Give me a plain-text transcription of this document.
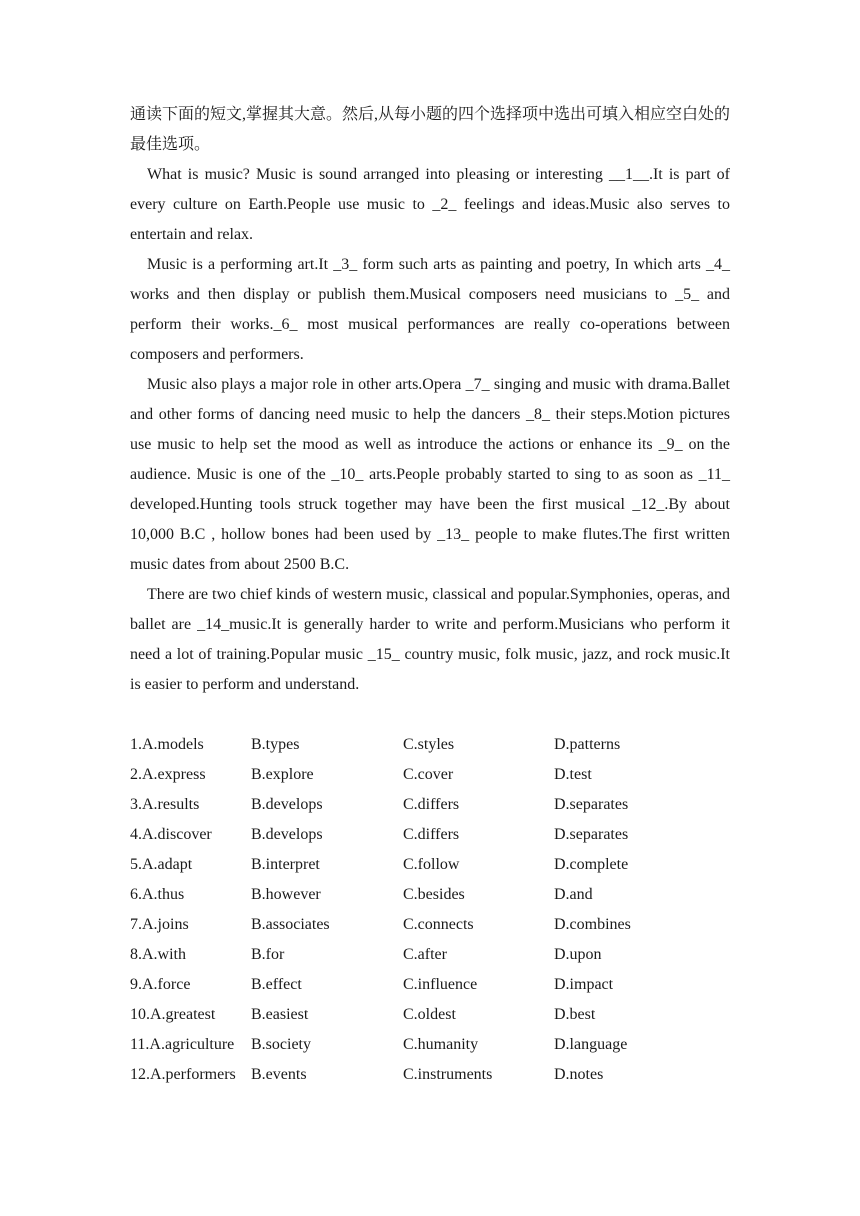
通读下面的短文,掌握其大意。然后,从每小题的四个选择项中选出可填入相应空白处的最佳选项。

What is music? Music is sound arranged into pleasing or interesting __1__.It is part of every culture on Earth.People use music to _2_ feelings and ideas.Music also serves to entertain and relax.

Music is a performing art.It _3_ form such arts as painting and poetry, In which arts _4_ works and then display or publish them.Musical composers need musicians to _5_ and perform their works._6_ most musical performances are really co-operations between composers and performers.

Music also plays a major role in other arts.Opera _7_ singing and music with drama.Ballet and other forms of dancing need music to help the dancers _8_ their steps.Motion pictures use music to help set the mood as well as introduce the actions or enhance its _9_ on the audience. Music is one of the _10_ arts.People probably started to sing to as soon as _11_ developed.Hunting tools struck together may have been the first musical _12_.By about 10,000 B.C , hollow bones had been used by _13_ people to make flutes.The first written music dates from about 2500 B.C.

There are two chief kinds of western music, classical and popular.Symphonies, operas, and ballet are _14_music.It is generally harder to write and perform.Musicians who perform it need a lot of training.Popular music _15_ country music, folk music, jazz, and rock music.It is easier to perform and understand.

1.A.models	B.types	C.styles	D.patterns
2.A.express	B.explore	C.cover	D.test
3.A.results	B.develops	C.differs	D.separates
4.A.discover	B.develops	C.differs	D.separates
5.A.adapt	B.interpret	C.follow	D.complete
6.A.thus	B.however	C.besides	D.and
7.A.joins	B.associates	C.connects	D.combines
8.A.with	B.for	C.after	D.upon
9.A.force	B.effect	C.influence	D.impact
10.A.greatest	B.easiest	C.oldest	D.best
11.A.agriculture	B.society	C.humanity	D.language
12.A.performers B.events	C.instruments	D.notes
